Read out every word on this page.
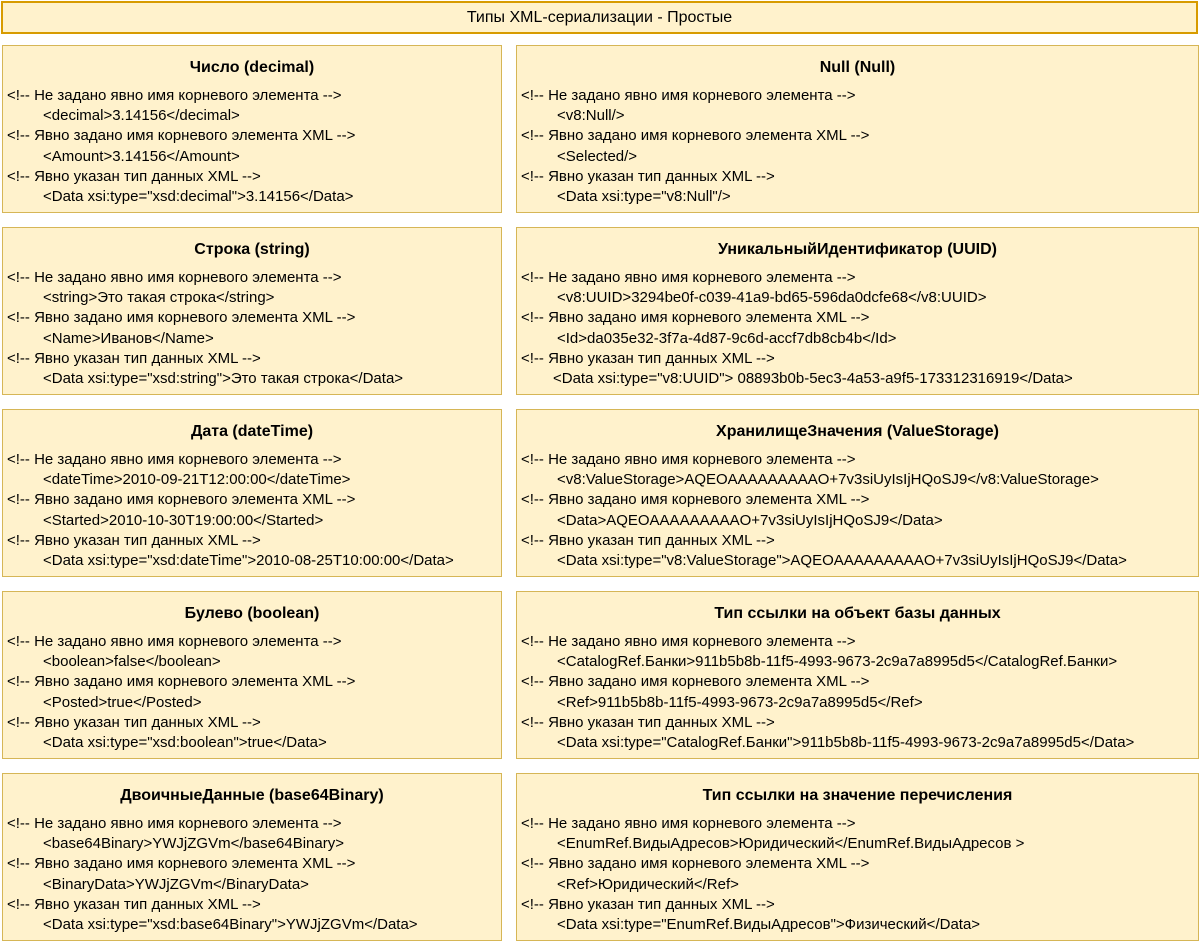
Типы XML-сериализации - Простые
Число (decimal)
<!-- Не задано явно имя корневого элемента -->
<decimal>3.14156</decimal>
<!-- Явно задано имя корневого элемента XML -->
<Amount>3.14156</Amount>
<!-- Явно указан тип данных XML -->
<Data xsi:type="xsd:decimal">3.14156</Data>
Null (Null)
<!-- Не задано явно имя корневого элемента -->
<v8:Null/>
<!-- Явно задано имя корневого элемента XML -->
<Selected/>
<!-- Явно указан тип данных XML -->
<Data xsi:type="v8:Null"/>
Строка (string)
<!-- Не задано явно имя корневого элемента -->
<string>Это такая строка</string>
<!-- Явно задано имя корневого элемента XML -->
<Name>Иванов</Name>
<!-- Явно указан тип данных XML -->
<Data xsi:type="xsd:string">Это такая строка</Data>
УникальныйИдентификатор (UUID)
<!-- Не задано явно имя корневого элемента -->
<v8:UUID>3294be0f-c039-41a9-bd65-596da0dcfe68</v8:UUID>
<!-- Явно задано имя корневого элемента XML -->
<Id>da035e32-3f7a-4d87-9c6d-accf7db8cb4b</Id>
<!-- Явно указан тип данных XML -->
<Data xsi:type="v8:UUID"> 08893b0b-5ec3-4a53-a9f5-173312316919</Data>
Дата (dateTime)
<!-- Не задано явно имя корневого элемента -->
<dateTime>2010-09-21T12:00:00</dateTime>
<!-- Явно задано имя корневого элемента XML -->
<Started>2010-10-30T19:00:00</Started>
<!-- Явно указан тип данных XML -->
<Data xsi:type="xsd:dateTime">2010-08-25T10:00:00</Data>
ХранилищеЗначения (ValueStorage)
<!-- Не задано явно имя корневого элемента -->
<v8:ValueStorage>AQEOAAAAAAAAAO+7v3siUyIsIjHQoSJ9</v8:ValueStorage>
<!-- Явно задано имя корневого элемента XML -->
<Data>AQEOAAAAAAAAAO+7v3siUyIsIjHQoSJ9</Data>
<!-- Явно указан тип данных XML -->
<Data xsi:type="v8:ValueStorage">AQEOAAAAAAAAAO+7v3siUyIsIjHQoSJ9</Data>
Булево (boolean)
<!-- Не задано явно имя корневого элемента -->
<boolean>false</boolean>
<!-- Явно задано имя корневого элемента XML -->
<Posted>true</Posted>
<!-- Явно указан тип данных XML -->
<Data xsi:type="xsd:boolean">true</Data>
Тип ссылки на объект базы данных
<!-- Не задано явно имя корневого элемента -->
<CatalogRef.Банки>911b5b8b-11f5-4993-9673-2c9a7a8995d5</CatalogRef.Банки>
<!-- Явно задано имя корневого элемента XML -->
<Ref>911b5b8b-11f5-4993-9673-2c9a7a8995d5</Ref>
<!-- Явно указан тип данных XML -->
<Data xsi:type="CatalogRef.Банки">911b5b8b-11f5-4993-9673-2c9a7a8995d5</Data>
ДвоичныеДанные (base64Binary)
<!-- Не задано явно имя корневого элемента -->
<base64Binary>YWJjZGVm</base64Binary>
<!-- Явно задано имя корневого элемента XML -->
<BinaryData>YWJjZGVm</BinaryData>
<!-- Явно указан тип данных XML -->
<Data xsi:type="xsd:base64Binary">YWJjZGVm</Data>
Тип ссылки на значение перечисления
<!-- Не задано явно имя корневого элемента -->
<EnumRef.ВидыАдресов>Юридический</EnumRef.ВидыАдресов >
<!-- Явно задано имя корневого элемента XML -->
<Ref>Юридический</Ref>
<!-- Явно указан тип данных XML -->
<Data xsi:type="EnumRef.ВидыАдресов">Физический</Data>
